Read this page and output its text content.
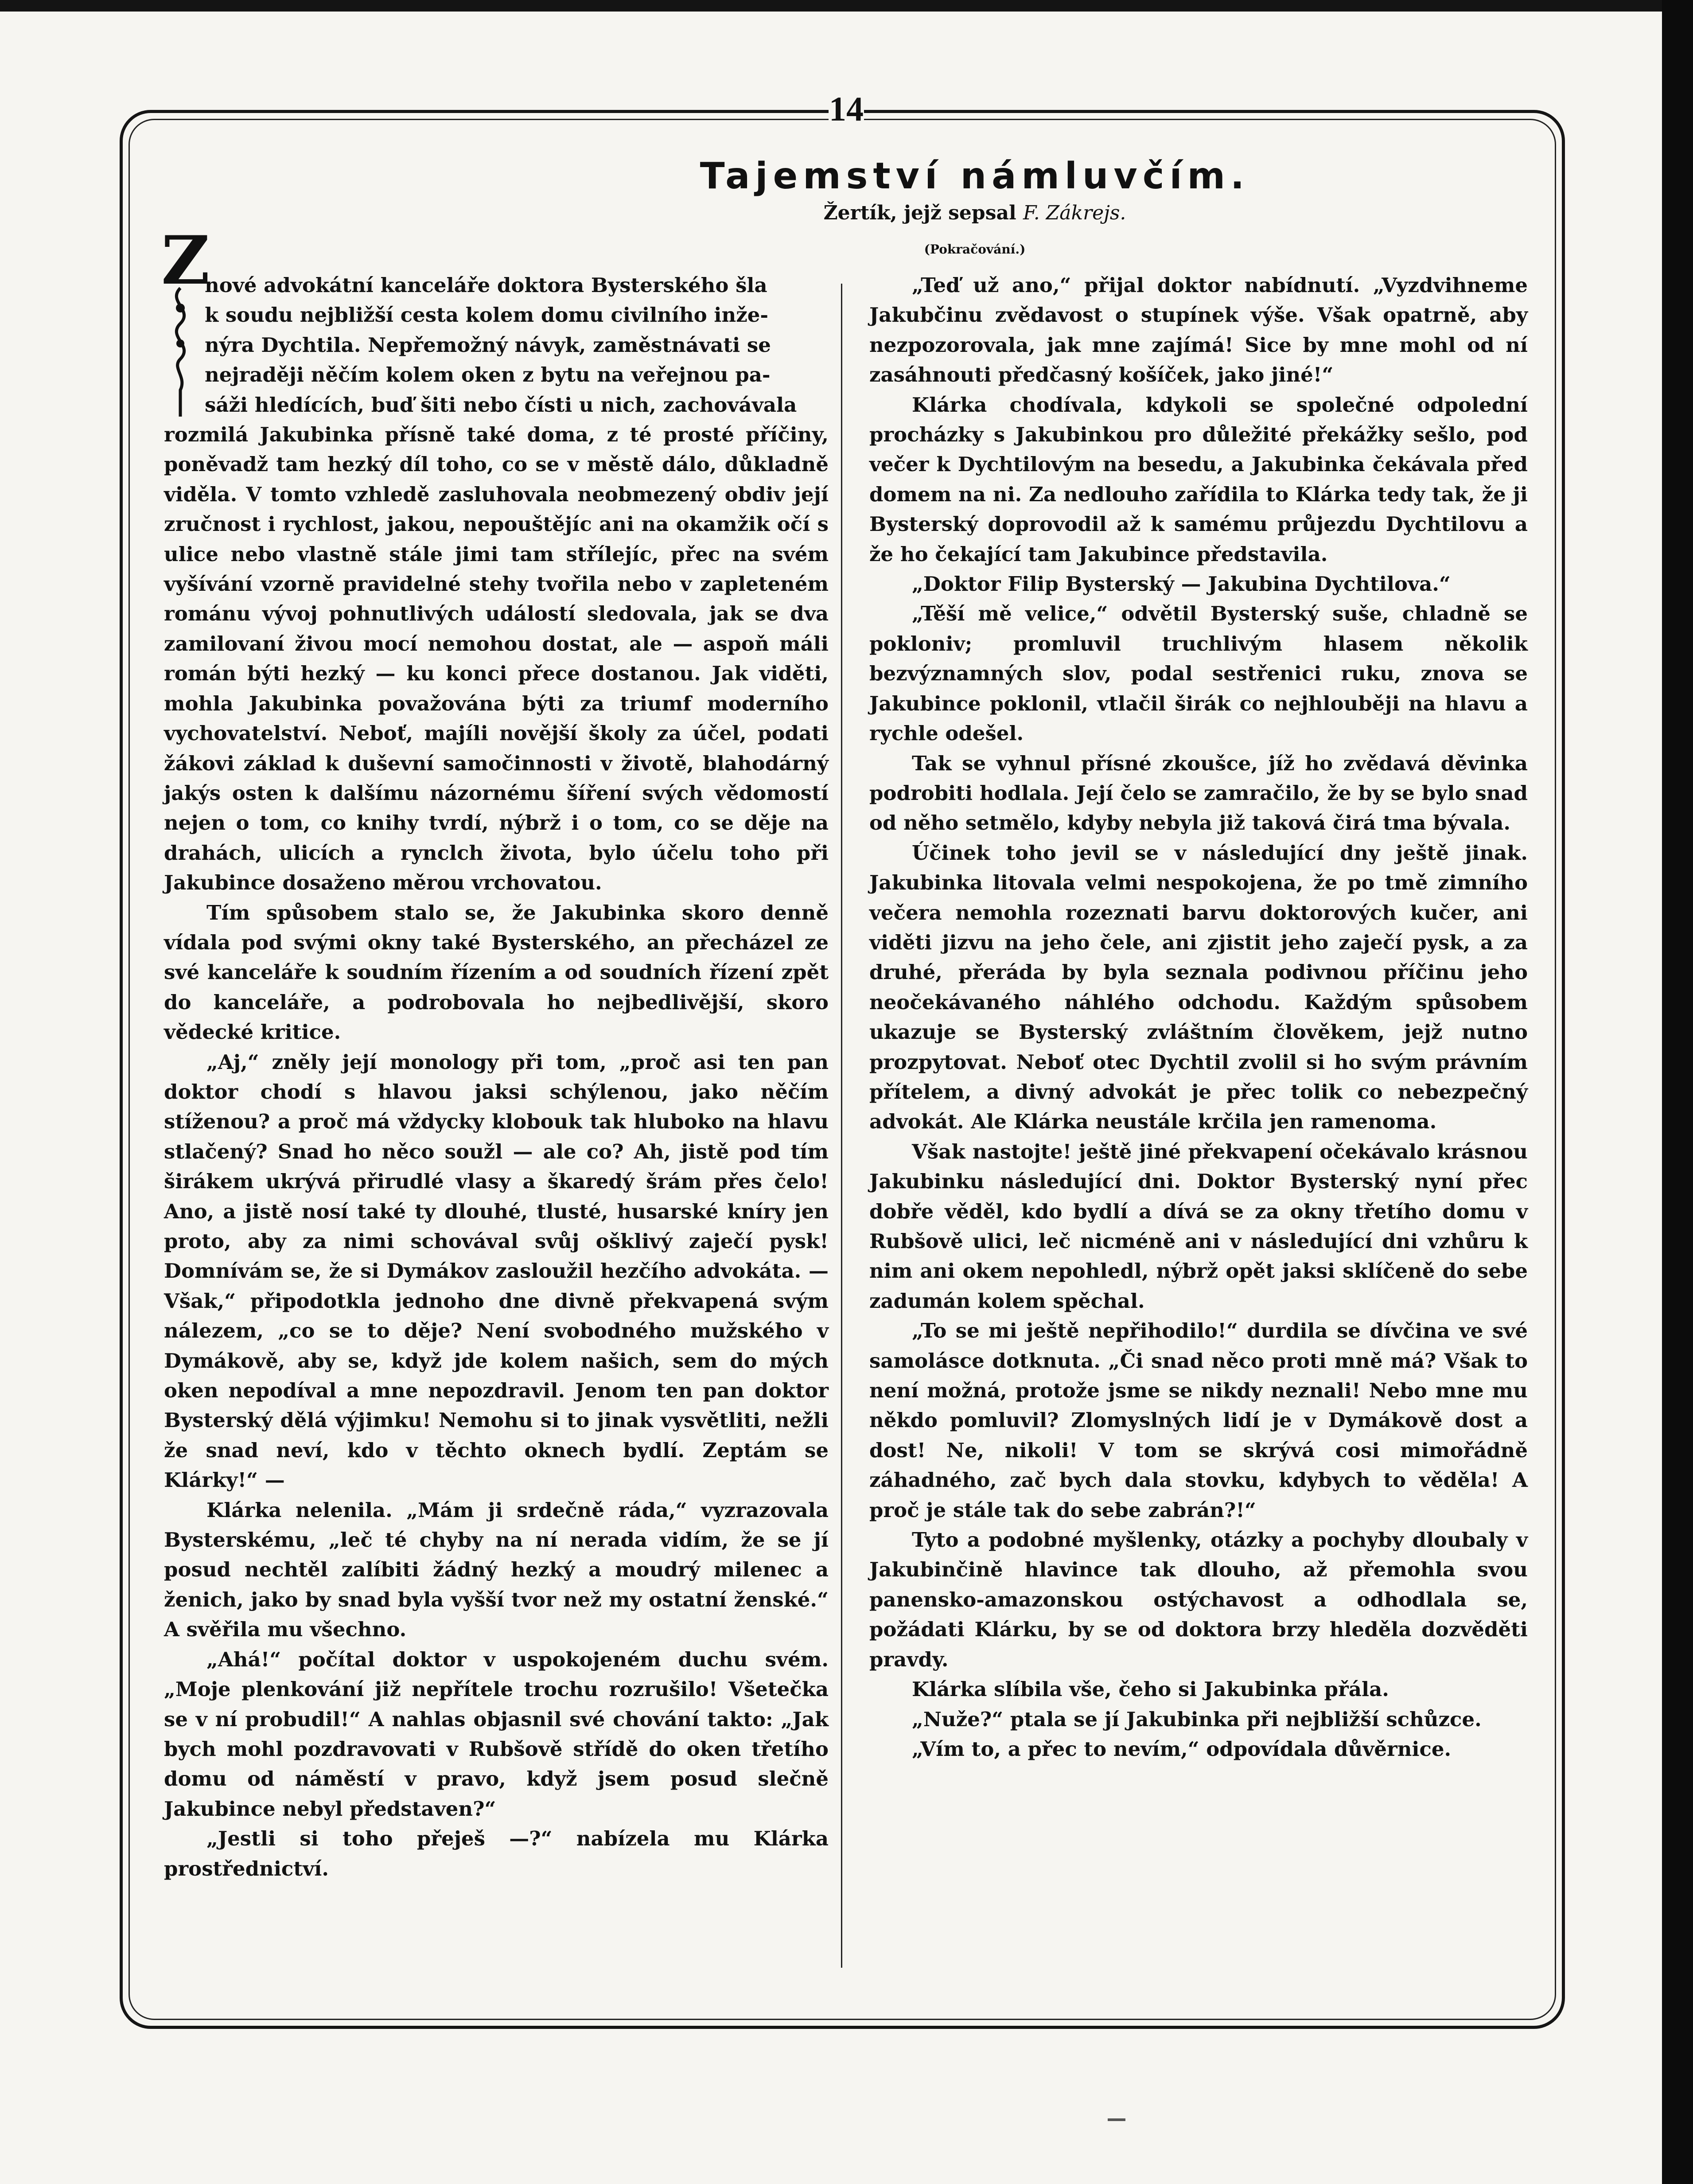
14
Tajemství námluvčím.
Žertík, jejž sepsal F. Zákrejs.
(Pokračování.)
Z
nové advokátní kanceláře doktora Bysterského šla
k soudu nejbližší cesta kolem domu civilního inže-
nýra Dychtila. Nepřemožný návyk, zaměstnávati se
nejraději něčím kolem oken z bytu na veřejnou pa-
sáži hledících, buď šiti nebo čísti u nich, zachovávala

rozmilá Jakubinka přísně také doma, z té prosté příčiny, poněvadž tam hezký díl toho, co se v městě dálo, důkladně viděla. V tomto vzhledě zasluhovala neobmezený obdiv její zručnost i rychlost, jakou, nepouštějíc ani na okamžik očí s ulice nebo vlastně stále jimi tam střílejíc, přec na svém vyšívání vzorně pravidelné stehy tvořila nebo v zapleteném románu vývoj pohnutlivých událostí sledovala, jak se dva zamilovaní živou mocí nemohou dostat, ale — aspoň máli román býti hezký — ku konci přece dostanou. Jak viděti, mohla Jakubinka považována býti za triumf moderního vychovatelství. Neboť, majíli novější školy za účel, podati žákovi základ k duševní samočinnosti v životě, blahodárný jakýs osten k dalšímu názornému šíření svých vědomostí nejen o tom, co knihy tvrdí, nýbrž i o tom, co se děje na drahách, ulicích a rynclch života, bylo účelu toho při Jakubince dosaženo měrou vrchovatou.

Tím spůsobem stalo se, že Jakubinka skoro denně vídala pod svými okny také Bysterského, an přecházel ze své kanceláře k soudním řízením a od soudních řízení zpět do kanceláře, a podrobovala ho nejbedlivější, skoro vědecké kritice.

„Aj,“ zněly její monology při tom, „proč asi ten pan doktor chodí s hlavou jaksi schýlenou, jako něčím stíženou? a proč má vždycky klobouk tak hluboko na hlavu stlačený? Snad ho něco soužl — ale co? Ah, jistě pod tím širákem ukrývá přirudlé vlasy a škaredý šrám přes čelo! Ano, a jistě nosí také ty dlouhé, tlusté, husarské kníry jen proto, aby za nimi schovával svůj ošklivý zaječí pysk! Domnívám se, že si Dymákov zasloužil hezčího advokáta. — Však,“ připodotkla jednoho dne divně překvapená svým nálezem, „co se to děje? Není svobodného mužského v Dymákově, aby se, když jde kolem našich, sem do mých oken nepodíval a mne nepozdravil. Jenom ten pan doktor Bysterský dělá výjimku! Nemohu si to jinak vysvětliti, nežli že snad neví, kdo v těchto oknech bydlí. Zeptám se Klárky!“ —

Klárka nelenila. „Mám ji srdečně ráda,“ vyzrazovala Bysterskému, „leč té chyby na ní nerada vidím, že se jí posud nechtěl zalíbiti žádný hezký a moudrý milenec a ženich, jako by snad byla vyšší tvor než my ostatní ženské.“ A svěřila mu všechno.

„Ahá!“ počítal doktor v uspokojeném duchu svém. „Moje plenkování již nepřítele trochu rozrušilo! Všetečka se v ní probudil!“ A nahlas objasnil své chování takto: „Jak bych mohl pozdravovati v Rubšově střídě do oken třetího domu od náměstí v pravo, když jsem posud slečně Jakubince nebyl představen?“

„Jestli si toho přeješ —?“ nabízela mu Klárka prostřednictví.

„Teď už ano,“ přijal doktor nabídnutí. „Vyzdvihneme Jakubčinu zvědavost o stupínek výše. Však opatrně, aby nezpozorovala, jak mne zajímá! Sice by mne mohl od ní zasáhnouti předčasný košíček, jako jiné!“

Klárka chodívala, kdykoli se společné odpolední procházky s Jakubinkou pro důležité překážky sešlo, pod večer k Dychtilovým na besedu, a Jakubinka čekávala před domem na ni. Za nedlouho zařídila to Klárka tedy tak, že ji Bysterský doprovodil až k samému průjezdu Dychtilovu a že ho čekající tam Jakubince představila.

„Doktor Filip Bysterský — Jakubina Dychtilova.“

„Těší mě velice,“ odvětil Bysterský suše, chladně se pokloniv; promluvil truchlivým hlasem několik bezvýznamných slov, podal sestřenici ruku, znova se Jakubince poklonil, vtlačil širák co nejhlouběji na hlavu a rychle odešel.

Tak se vyhnul přísné zkoušce, jíž ho zvědavá děvinka podrobiti hodlala. Její čelo se zamračilo, že by se bylo snad od něho setmělo, kdyby nebyla již taková čirá tma bývala.

Účinek toho jevil se v následující dny ještě jinak. Jakubinka litovala velmi nespokojena, že po tmě zimního večera nemohla rozeznati barvu doktorových kučer, ani viděti jizvu na jeho čele, ani zjistit jeho zaječí pysk, a za druhé, přeráda by byla seznala podivnou příčinu jeho neočekávaného náhlého odchodu. Každým spůsobem ukazuje se Bysterský zvláštním člověkem, jejž nutno prozpytovat. Neboť otec Dychtil zvolil si ho svým právním přítelem, a divný advokát je přec tolik co nebezpečný advokát. Ale Klárka neustále krčila jen ramenoma.

Však nastojte! ještě jiné překvapení očekávalo krásnou Jakubinku následující dni. Doktor Bysterský nyní přec dobře věděl, kdo bydlí a dívá se za okny třetího domu v Rubšově ulici, leč nicméně ani v následující dni vzhůru k nim ani okem nepohledl, nýbrž opět jaksi sklíčeně do sebe zadumán kolem spěchal.

„To se mi ještě nepřihodilo!“ durdila se dívčina ve své samolásce dotknuta. „Či snad něco proti mně má? Však to není možná, protože jsme se nikdy neznali! Nebo mne mu někdo pomluvil? Zlomyslných lidí je v Dymákově dost a dost! Ne, nikoli! V tom se skrývá cosi mimořádně záhadného, zač bych dala stovku, kdybych to věděla! A proč je stále tak do sebe zabrán?!“

Tyto a podobné myšlenky, otázky a pochyby dloubaly v Jakubinčině hlavince tak dlouho, až přemohla svou panensko-amazonskou ostýchavost a odhodlala se, požádati Klárku, by se od doktora brzy hleděla dozvěděti pravdy.

Klárka slíbila vše, čeho si Jakubinka přála.

„Nuže?“ ptala se jí Jakubinka při nejbližší schůzce.

„Vím to, a přec to nevím,“ odpovídala důvěrnice.
